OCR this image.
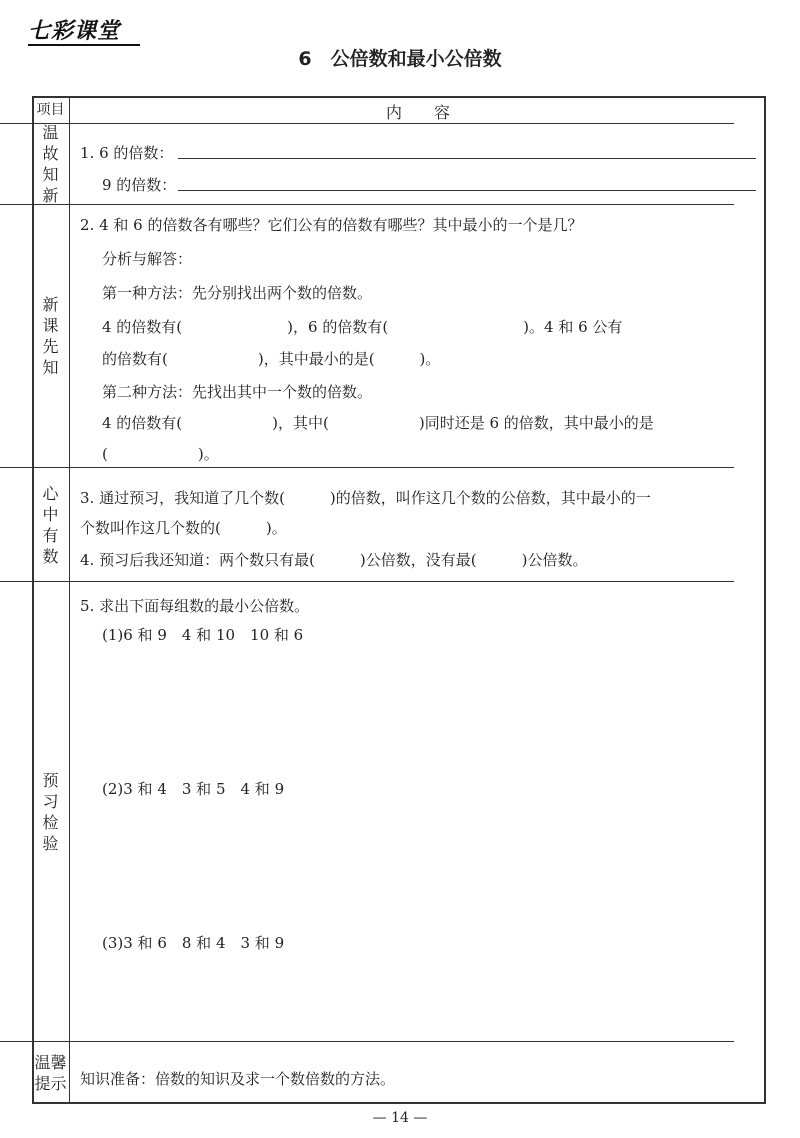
七彩课堂
6　公倍数和最小公倍数
项目	内　　容
温故知新
新课先知
心中有数
预习检验
温馨提示
1. 6 的倍数：
9 的倍数：
2. 4 和 6 的倍数各有哪些？它们公有的倍数有哪些？其中最小的一个是几？
分析与解答：
第一种方法：先分别找出两个数的倍数。
4 的倍数有(　　　　　　　)，6 的倍数有(　　　　　　　　　)。4 和 6 公有
的倍数有(　　　　　　)，其中最小的是(　　　)。
第二种方法：先找出其中一个数的倍数。
4 的倍数有(　　　　　　)，其中(　　　　　　)同时还是 6 的倍数，其中最小的是
(　　　　　　)。
3. 通过预习，我知道了几个数(　　　)的倍数，叫作这几个数的公倍数，其中最小的一
个数叫作这几个数的(　　　)。
4. 预习后我还知道：两个数只有最(　　　)公倍数，没有最(　　　)公倍数。
5. 求出下面每组数的最小公倍数。
(1)6 和 9　4 和 10　10 和 6
(2)3 和 4　3 和 5　4 和 9
(3)3 和 6　8 和 4　3 和 9
知识准备：倍数的知识及求一个数倍数的方法。
— 14 —
